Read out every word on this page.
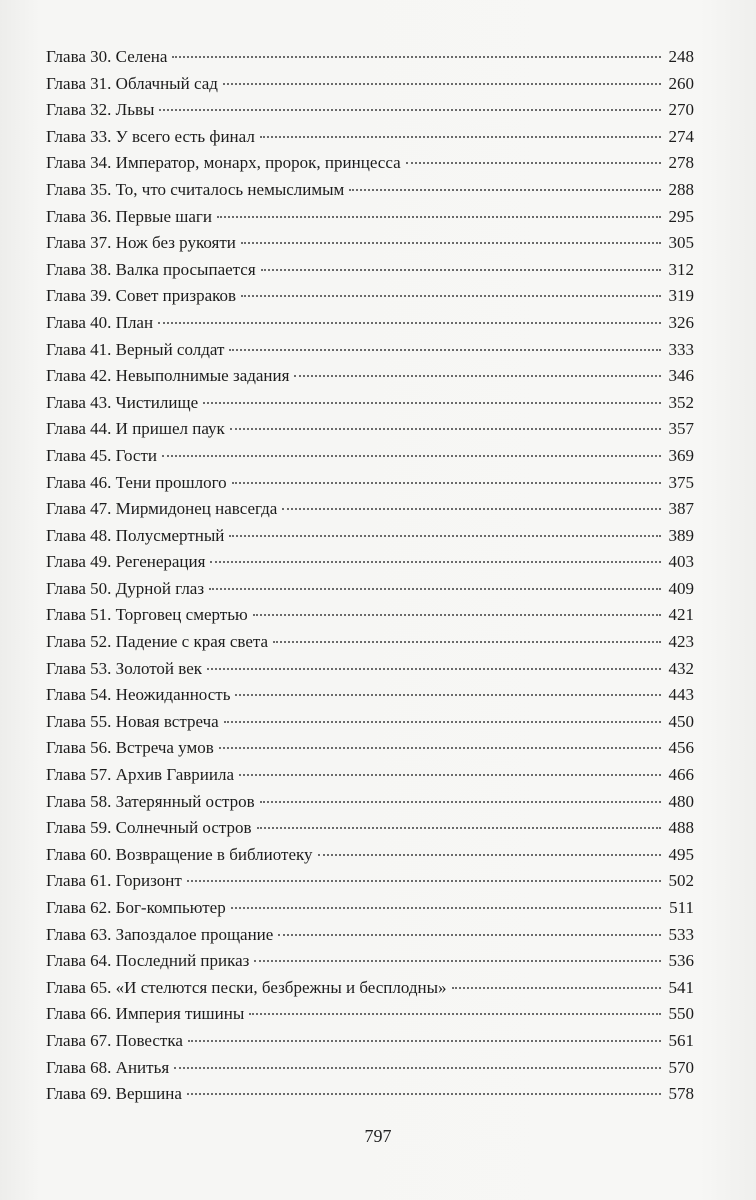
Глава 30. Селена	248
Глава 31. Облачный сад	260
Глава 32. Львы	270
Глава 33. У всего есть финал	274
Глава 34. Император, монарх, пророк, принцесса	278
Глава 35. То, что считалось немыслимым	288
Глава 36. Первые шаги	295
Глава 37. Нож без рукояти	305
Глава 38. Валка просыпается	312
Глава 39. Совет призраков	319
Глава 40. План	326
Глава 41. Верный солдат	333
Глава 42. Невыполнимые задания	346
Глава 43. Чистилище	352
Глава 44. И пришел паук	357
Глава 45. Гости	369
Глава 46. Тени прошлого	375
Глава 47. Мирмидонец навсегда	387
Глава 48. Полусмертный	389
Глава 49. Регенерация	403
Глава 50. Дурной глаз	409
Глава 51. Торговец смертью	421
Глава 52. Падение с края света	423
Глава 53. Золотой век	432
Глава 54. Неожиданность	443
Глава 55. Новая встреча	450
Глава 56. Встреча умов	456
Глава 57. Архив Гавриила	466
Глава 58. Затерянный остров	480
Глава 59. Солнечный остров	488
Глава 60. Возвращение в библиотеку	495
Глава 61. Горизонт	502
Глава 62. Бог-компьютер	511
Глава 63. Запоздалое прощание	533
Глава 64. Последний приказ	536
Глава 65. «И стелются пески, безбрежны и бесплодны»	541
Глава 66. Империя тишины	550
Глава 67. Повестка	561
Глава 68. Анитья	570
Глава 69. Вершина	578
797
